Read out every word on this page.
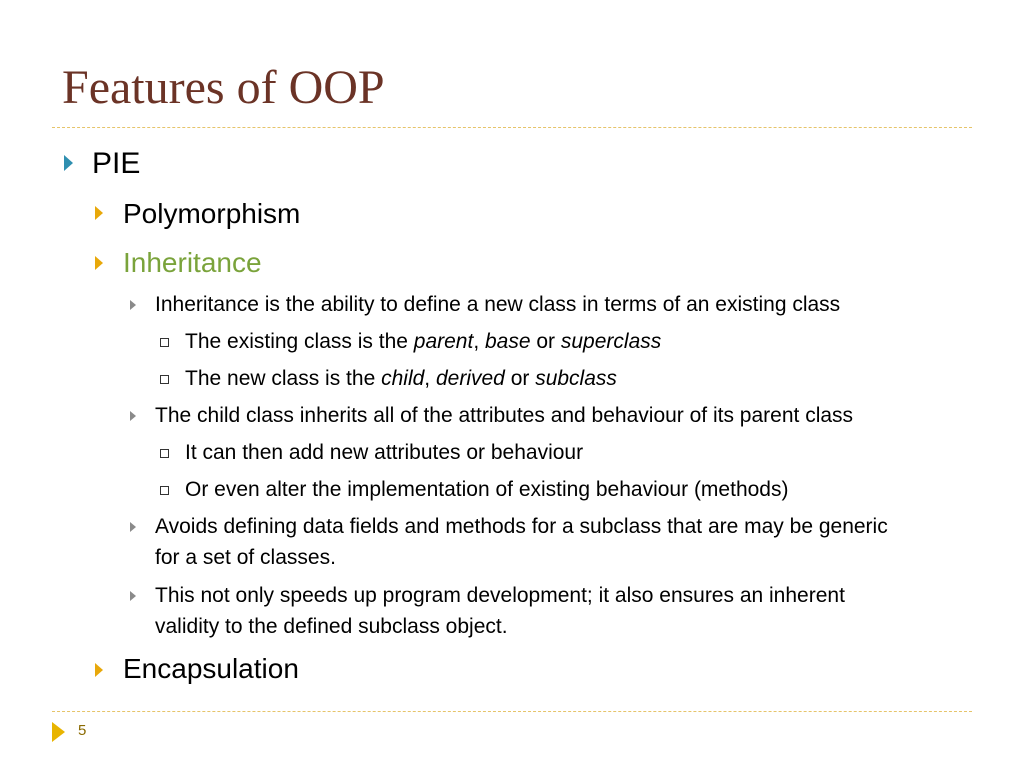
Features of OOP
PIE
Polymorphism
Inheritance
Inheritance is the ability to define a new class in terms of an existing class
The existing class is the parent, base or superclass
The new class is the child, derived or subclass
The child class inherits all of the attributes and behaviour of its parent class
It can then add new attributes or behaviour
Or even alter the implementation of existing behaviour (methods)
Avoids defining data fields and methods for a subclass that are may be generic
for a set of classes.
This not only speeds up program development; it also ensures an inherent
validity to the defined subclass object.
Encapsulation
5
